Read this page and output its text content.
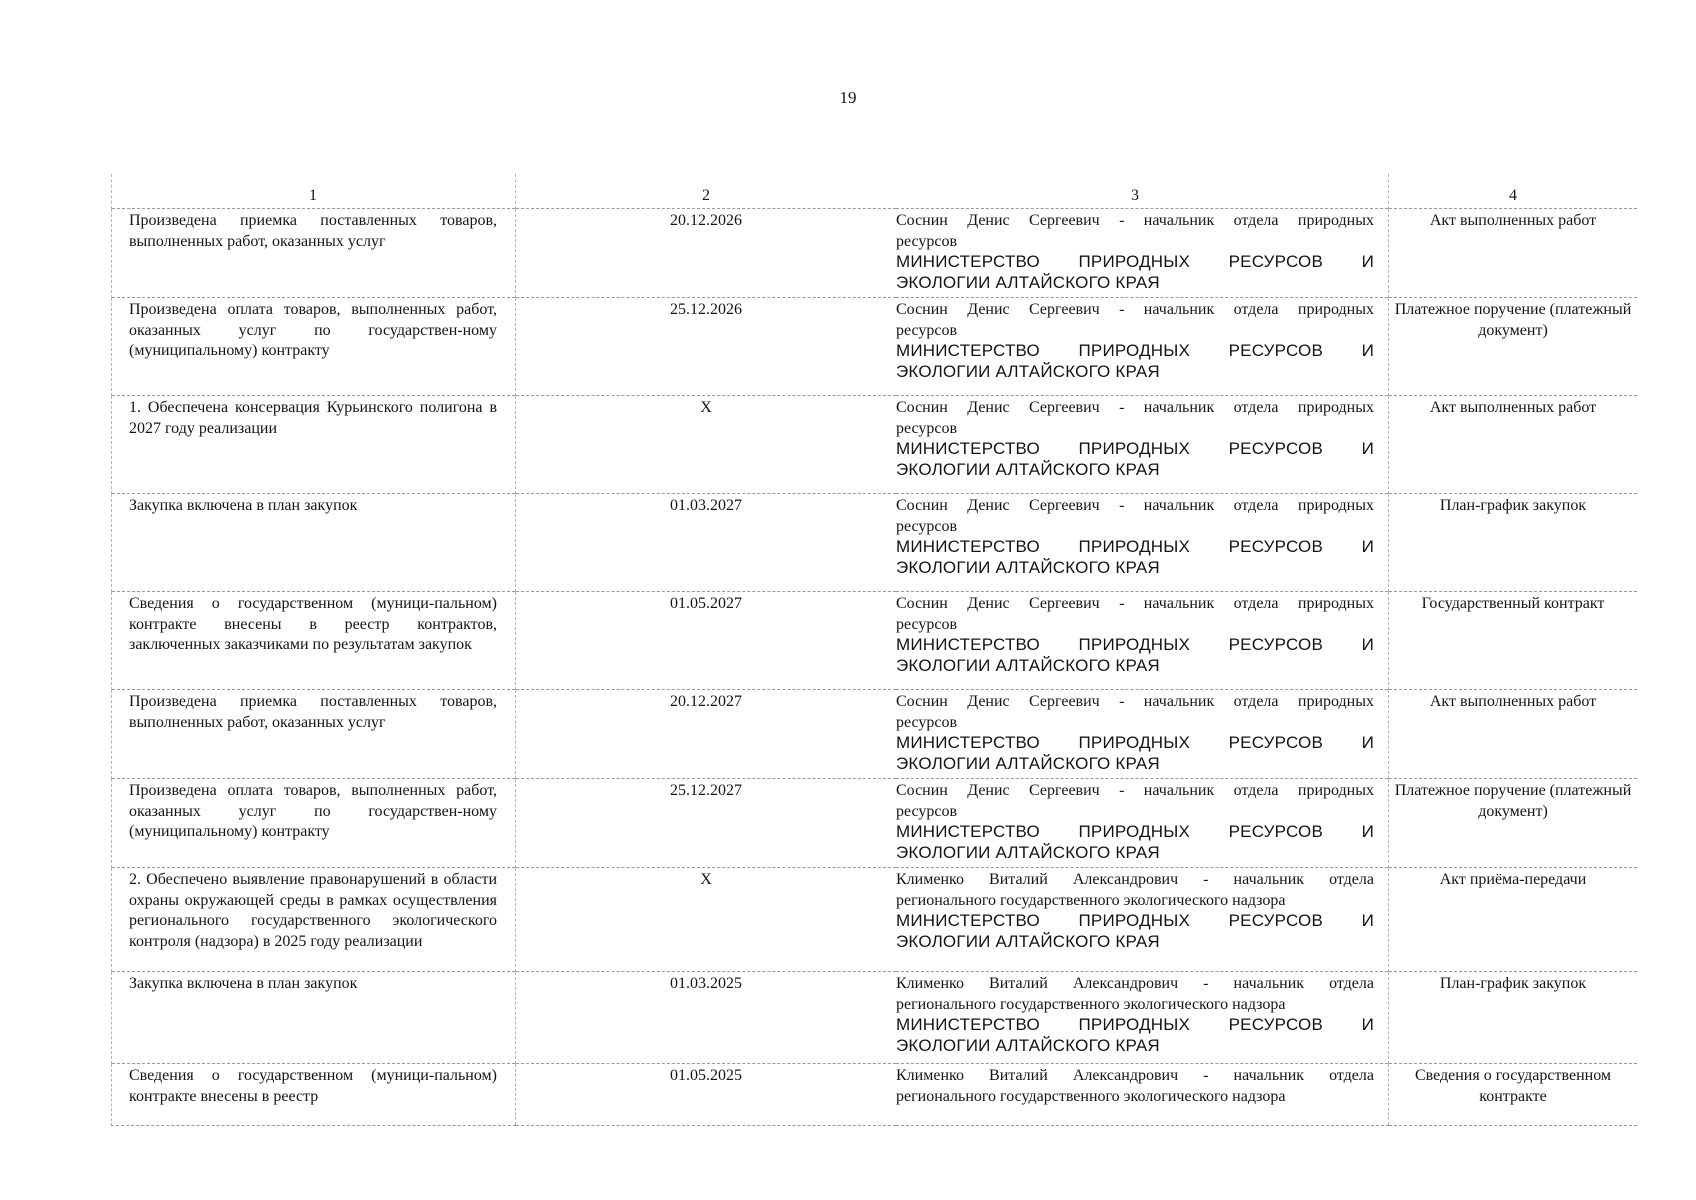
19
1	2	3	4
Произведена приемка поставленных товаров, выполненных работ, оказанных услуг	20.12.2026	Соснин Денис Сергеевич - начальник отдела природных
ресурсов
МИНИСТЕРСТВО ПРИРОДНЫХ РЕСУРСОВ И
ЭКОЛОГИИ АЛТАЙСКОГО КРАЯ	Акт выполненных работ
Произведена оплата товаров, выполненных работ, оказанных услуг по государствен-ному (муниципальному) контракту	25.12.2026	Соснин Денис Сергеевич - начальник отдела природных
ресурсов
МИНИСТЕРСТВО ПРИРОДНЫХ РЕСУРСОВ И
ЭКОЛОГИИ АЛТАЙСКОГО КРАЯ	Платежное поручение (платежный документ)
1. Обеспечена консервация Курьинского полигона в 2027 году реализации	X	Соснин Денис Сергеевич - начальник отдела природных
ресурсов
МИНИСТЕРСТВО ПРИРОДНЫХ РЕСУРСОВ И
ЭКОЛОГИИ АЛТАЙСКОГО КРАЯ	Акт выполненных работ
Закупка включена в план закупок	01.03.2027	Соснин Денис Сергеевич - начальник отдела природных
ресурсов
МИНИСТЕРСТВО ПРИРОДНЫХ РЕСУРСОВ И
ЭКОЛОГИИ АЛТАЙСКОГО КРАЯ	План-график закупок
Сведения о государственном (муници-пальном) контракте внесены в реестр контрактов, заключенных заказчиками по результатам закупок	01.05.2027	Соснин Денис Сергеевич - начальник отдела природных
ресурсов
МИНИСТЕРСТВО ПРИРОДНЫХ РЕСУРСОВ И
ЭКОЛОГИИ АЛТАЙСКОГО КРАЯ	Государственный контракт
Произведена приемка поставленных товаров, выполненных работ, оказанных услуг	20.12.2027	Соснин Денис Сергеевич - начальник отдела природных
ресурсов
МИНИСТЕРСТВО ПРИРОДНЫХ РЕСУРСОВ И
ЭКОЛОГИИ АЛТАЙСКОГО КРАЯ	Акт выполненных работ
Произведена оплата товаров, выполненных работ, оказанных услуг по государствен-ному (муниципальному) контракту	25.12.2027	Соснин Денис Сергеевич - начальник отдела природных
ресурсов
МИНИСТЕРСТВО ПРИРОДНЫХ РЕСУРСОВ И
ЭКОЛОГИИ АЛТАЙСКОГО КРАЯ	Платежное поручение (платежный документ)
2. Обеспечено выявление правонарушений в области охраны окружающей среды в рамках осуществления регионального государственного экологического контроля (надзора) в 2025 году реализации	X	Клименко Виталий Александрович - начальник отдела
регионального государственного экологического надзора
МИНИСТЕРСТВО ПРИРОДНЫХ РЕСУРСОВ И
ЭКОЛОГИИ АЛТАЙСКОГО КРАЯ	Акт приёма-передачи
Закупка включена в план закупок	01.03.2025	Клименко Виталий Александрович - начальник отдела
регионального государственного экологического надзора
МИНИСТЕРСТВО ПРИРОДНЫХ РЕСУРСОВ И
ЭКОЛОГИИ АЛТАЙСКОГО КРАЯ	План-график закупок
Сведения о государственном (муници-пальном) контракте внесены в реестр	01.05.2025	Клименко Виталий Александрович - начальник отдела
регионального государственного экологического надзора	Сведения о государственном контракте
